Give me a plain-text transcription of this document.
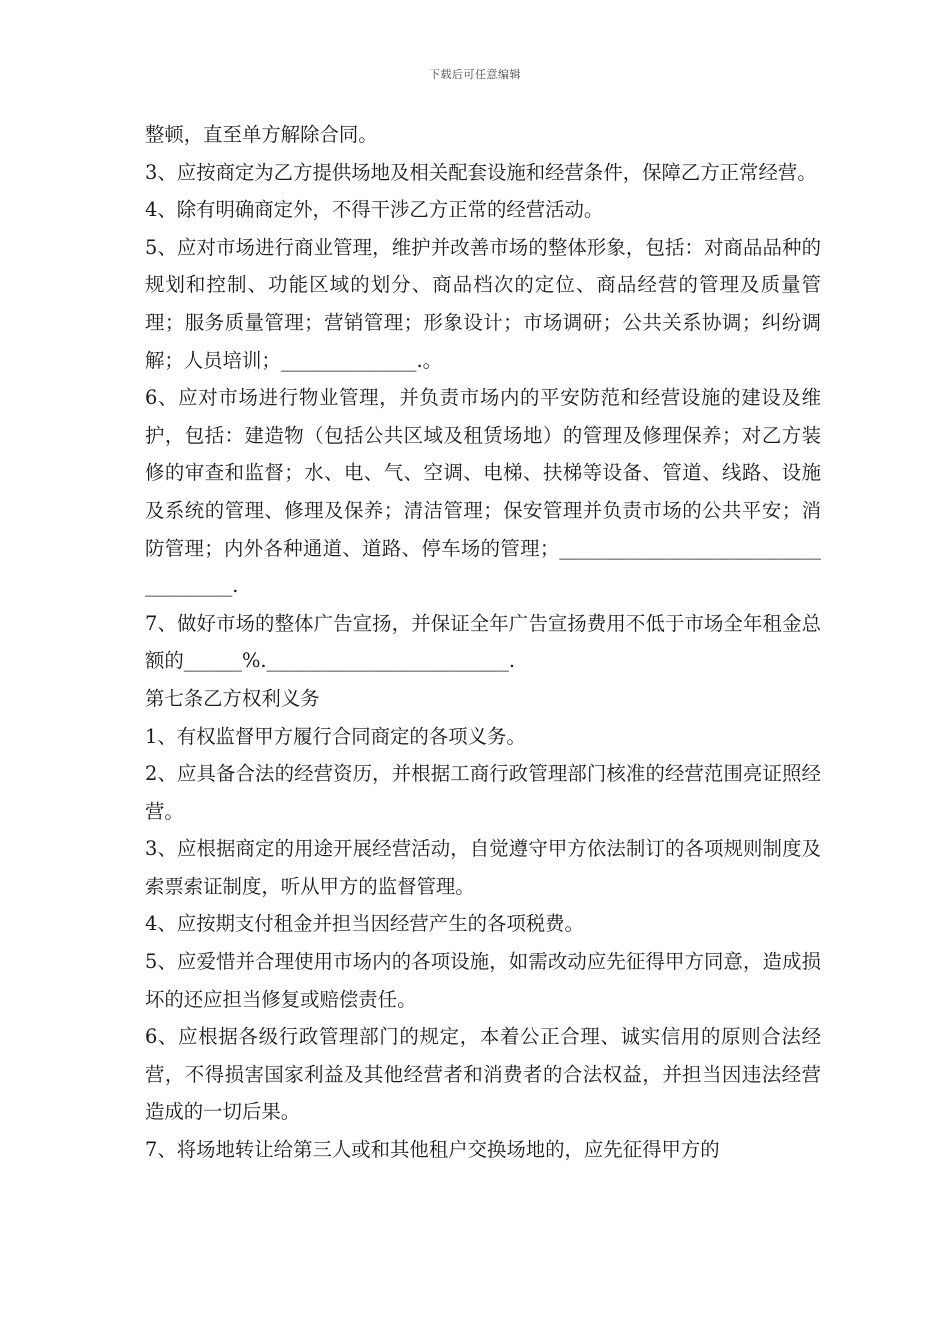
下载后可任意编辑

整顿，直至单方解除合同。

3、应按商定为乙方提供场地及相关配套设施和经营条件，保障乙方正常经营。

4、除有明确商定外，不得干涉乙方正常的经营活动。

5、应对市场进行商业管理，维护并改善市场的整体形象，包括：对商品品种的规划和控制、功能区域的划分、商品档次的定位、商品经营的管理及质量管理；服务质量管理；营销管理；形象设计；市场调研；公共关系协调；纠纷调解；人员培训；______________.。

6、应对市场进行物业管理，并负责市场内的平安防范和经营设施的建设及维护，包括：建造物（包括公共区域及租赁场地）的管理及修理保养；对乙方装修的审查和监督；水、电、气、空调、电梯、扶梯等设备、管道、线路、设施及系统的管理、修理及保养；清洁管理；保安管理并负责市场的公共平安；消防管理；内外各种通道、道路、停车场的管理；____________________________________.

7、做好市场的整体广告宣扬，并保证全年广告宣扬费用不低于市场全年租金总额的______%._________________________.

第七条乙方权利义务

1、有权监督甲方履行合同商定的各项义务。

2、应具备合法的经营资历，并根据工商行政管理部门核准的经营范围亮证照经营。

3、应根据商定的用途开展经营活动，自觉遵守甲方依法制订的各项规则制度及索票索证制度，听从甲方的监督管理。

4、应按期支付租金并担当因经营产生的各项税费。

5、应爱惜并合理使用市场内的各项设施，如需改动应先征得甲方同意，造成损坏的还应担当修复或赔偿责任。

6、应根据各级行政管理部门的规定，本着公正合理、诚实信用的原则合法经营，不得损害国家利益及其他经营者和消费者的合法权益，并担当因违法经营造成的一切后果。

7、将场地转让给第三人或和其他租户交换场地的，应先征得甲方的
